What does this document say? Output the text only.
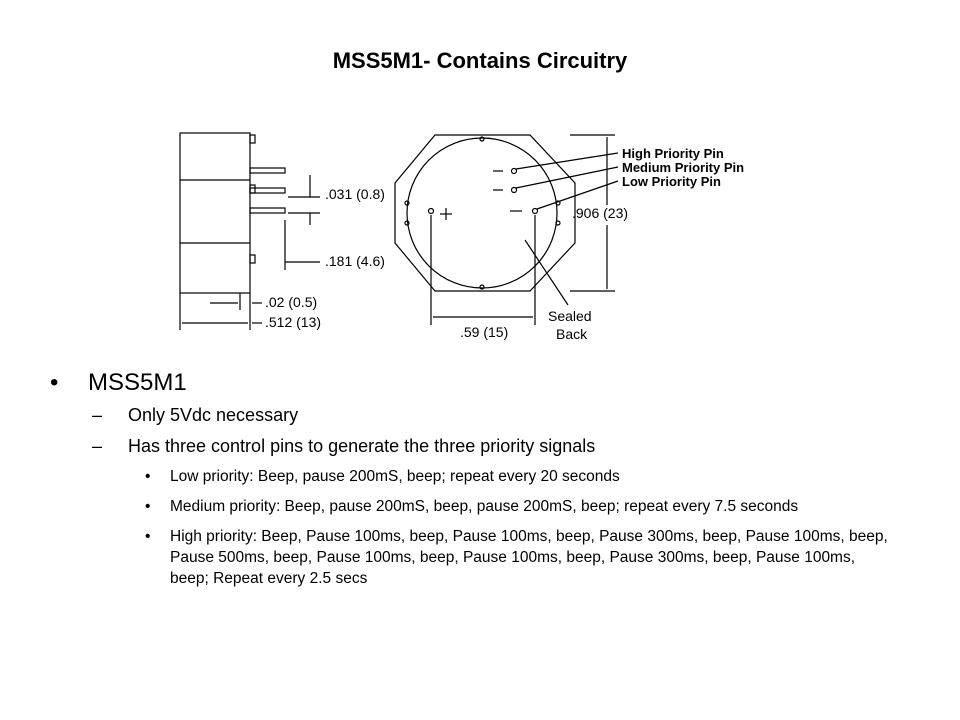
MSS5M1- Contains Circuitry
.031 (0.8)
.181 (4.6)
.02 (0.5)
.512 (13)
High Priority Pin
Medium Priority Pin
Low Priority Pin
.906 (23)
.59 (15)
Sealed
Back
• MSS5M1
– Only 5Vdc necessary
– Has three control pins to generate the three priority signals
• Low priority: Beep, pause 200mS, beep; repeat every 20 seconds
• Medium priority: Beep, pause 200mS, beep, pause 200mS, beep; repeat every 7.5 seconds
• High priority: Beep, Pause 100ms, beep, Pause 100ms, beep, Pause 300ms, beep, Pause 100ms, beep, Pause 500ms, beep, Pause 100ms, beep, Pause 100ms, beep, Pause 300ms, beep, Pause 100ms, beep; Repeat every 2.5 secs
